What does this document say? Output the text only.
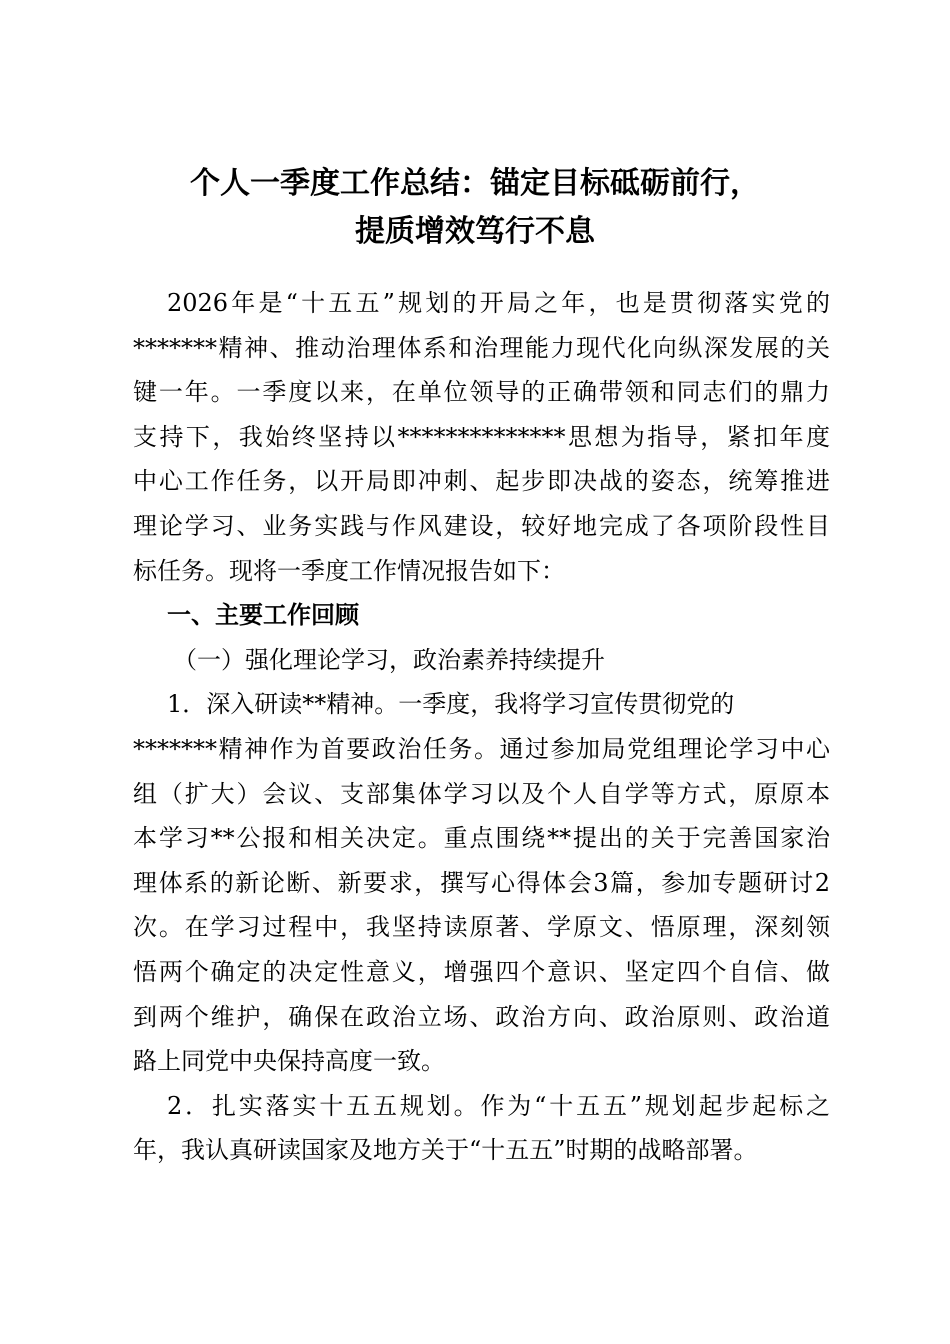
个人一季度工作总结：锚定目标砥砺前行，
提质增效笃行不息
2026年是“十五五”规划的开局之年，也是贯彻落实党的
*******精神、推动治理体系和治理能力现代化向纵深发展的关
键一年。一季度以来，在单位领导的正确带领和同志们的鼎力
支持下，我始终坚持以**************思想为指导，紧扣年度
中心工作任务，以开局即冲刺、起步即决战的姿态，统筹推进
理论学习、业务实践与作风建设，较好地完成了各项阶段性目
标任务。现将一季度工作情况报告如下：
一、主要工作回顾
（一）强化理论学习，政治素养持续提升
1．深入研读**精神。一季度，我将学习宣传贯彻党的
*******精神作为首要政治任务。通过参加局党组理论学习中心
组（扩大）会议、支部集体学习以及个人自学等方式，原原本
本学习**公报和相关决定。重点围绕**提出的关于完善国家治
理体系的新论断、新要求，撰写心得体会3篇，参加专题研讨2
次。在学习过程中，我坚持读原著、学原文、悟原理，深刻领
悟两个确定的决定性意义，增强四个意识、坚定四个自信、做
到两个维护，确保在政治立场、政治方向、政治原则、政治道
路上同党中央保持高度一致。
2．扎实落实十五五规划。作为“十五五”规划起步起标之
年，我认真研读国家及地方关于“十五五”时期的战略部署。
